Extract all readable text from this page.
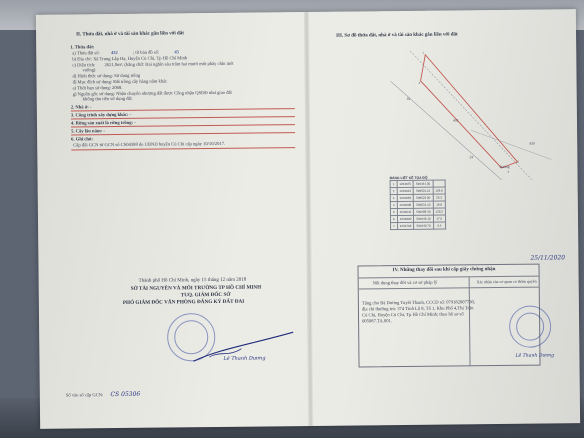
II. Thửa đất, nhà ở và tài sản khác gắn liền với đất
1. Thửa đất:
a) Thửa đất số: 432	; tờ bản đồ số:	45
b) Địa chỉ: Xã Trung Lập Hạ, Huyện Củ Chi, Tp Hồ Chí Minh
c) Diện tích: 2621,9m², (bằng chữ: Hai nghìn sáu trăm hai mươi mốt phẩy chín mét
vuông)
d) Hình thức sử dụng: Sử dụng riêng
đ) Mục đích sử dụng: Đất trồng cây hàng năm khác
e) Thời hạn sử dụng: 2068.
g) Nguồn gốc sử dụng: Nhận chuyển nhượng đất được Công nhận QSDĐ như giao đất
không thu tiền sử dụng đất
2. Nhà ở: -
3. Công trình xây dựng khác: -
4. Rừng sản xuất là rừng trồng: -
5. Cây lâu năm: -
6. Ghi chú:
Cấp đổi GCN từ GCN số CS04588 do UBND huyện Củ Chi cấp ngày 10/10/2017.
Thành phố Hồ Chí Minh, ngày 15 tháng 12 năm 2018
SỞ TÀI NGUYÊN VÀ MÔI TRƯỜNG TP HỒ CHÍ MINH
TUQ. GIÁM ĐỐC SỞ
PHÓ GIÁM ĐỐC VĂN PHÒNG ĐĂNG KÝ ĐẤT ĐAI
Lê Thanh Dương
Số vào sổ cấp GCN: CS 05306
III. Sơ đồ thửa đất, nhà ở và tài sản khác gắn liền với đất
432
61
24
430
Đường
1
2
3
4
BẢNG LIỆT KÊ TỌA ĐỘ
1	1234675	599444.30	
2	1234643	599501.10	128.6
3	1234656	599523.00	25.3
4	1234638	599531.10	19.8
5	1234642	599488.30	128.2
6	1234690	599446.10	17.5
7	1234709	599440.70	9.4
IV. Những thay đổi sau khi cấp giấy chứng nhận
Nội dung thay đổi và cơ sở pháp lý	Xác nhận của cơ quan có thẩm quyền
Tặng cho Bà Dương Tuyết Thanh, CCCD số: 079182007730,
địa chỉ thường trú: 374 Tỉnh Lộ 8, Tổ 1, Khu Phố 4,Thị Trấn
Củ Chi, Huyện Củ Chi, Tp Hồ Chí Minh; theo hồ sơ số
005087.TA.001.
25/11/2020
Lê Thanh Dương
